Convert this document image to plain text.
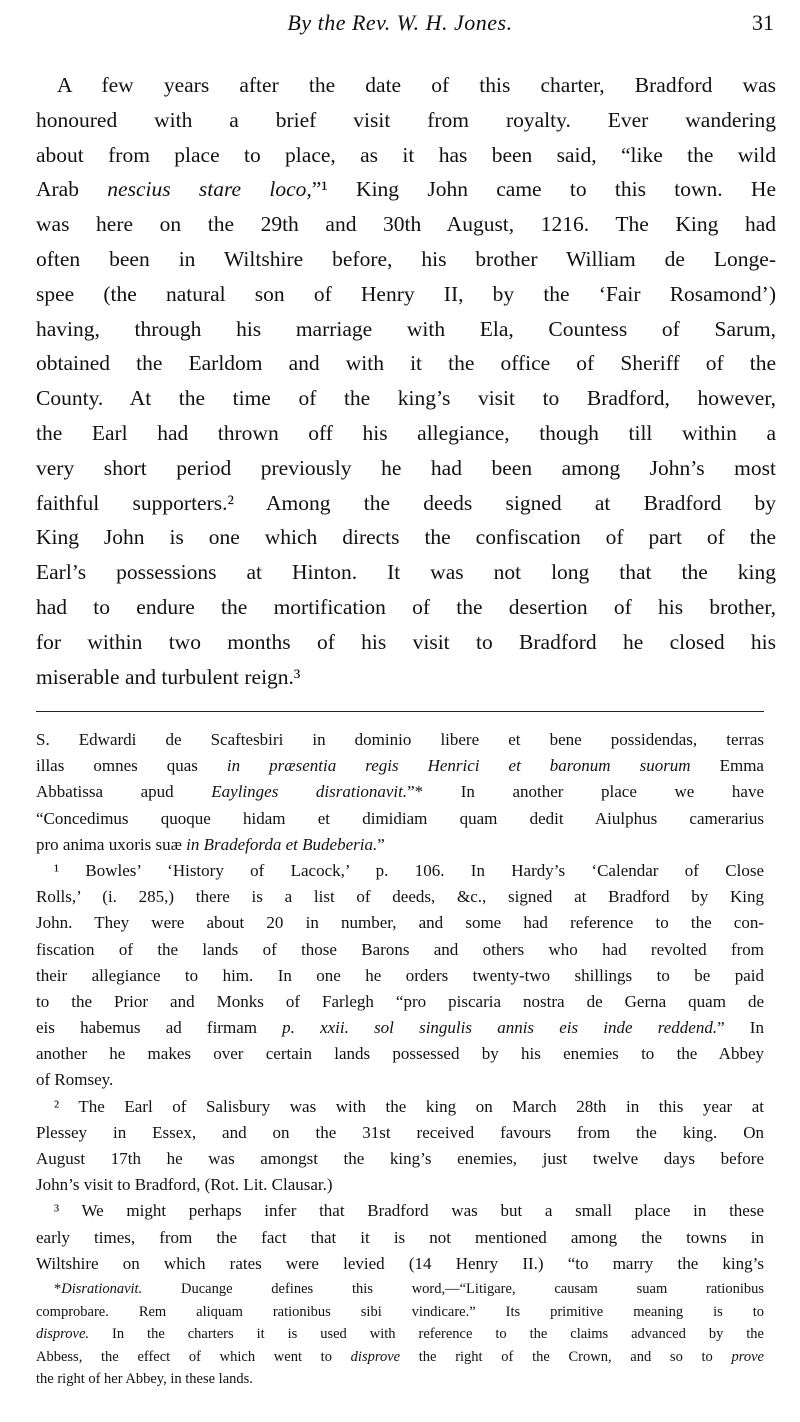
By the Rev. W. H. Jones.	31
A few years after the date of this charter, Bradford was
honoured with a brief visit from royalty. Ever wandering
about from place to place, as it has been said, “like the wild
Arab nescius stare loco,”¹ King John came to this town. He
was here on the 29th and 30th August, 1216. The King had
often been in Wiltshire before, his brother William de Longe-
spee (the natural son of Henry II, by the ‘Fair Rosamond’)
having, through his marriage with Ela, Countess of Sarum,
obtained the Earldom and with it the office of Sheriff of the
County. At the time of the king’s visit to Bradford, however,
the Earl had thrown off his allegiance, though till within a
very short period previously he had been among John’s most
faithful supporters.² Among the deeds signed at Bradford by
King John is one which directs the confiscation of part of the
Earl’s possessions at Hinton. It was not long that the king
had to endure the mortification of the desertion of his brother,
for within two months of his visit to Bradford he closed his
miserable and turbulent reign.³
S. Edwardi de Scaftesbiri in dominio libere et bene possidendas, terras
illas omnes quas in præsentia regis Henrici et baronum suorum Emma
Abbatissa apud Eaylinges disrationavit.”* In another place we have
“Concedimus quoque hidam et dimidiam quam dedit Aiulphus camerarius
pro anima uxoris suæ in Bradeforda et Budeberia.”
¹ Bowles’ ‘History of Lacock,’ p. 106. In Hardy’s ‘Calendar of Close
Rolls,’ (i. 285,) there is a list of deeds, &c., signed at Bradford by King
John. They were about 20 in number, and some had reference to the con-
fiscation of the lands of those Barons and others who had revolted from
their allegiance to him. In one he orders twenty-two shillings to be paid
to the Prior and Monks of Farlegh “pro piscaria nostra de Gerna quam de
eis habemus ad firmam p. xxii. sol singulis annis eis inde reddend.” In
another he makes over certain lands possessed by his enemies to the Abbey
of Romsey.
² The Earl of Salisbury was with the king on March 28th in this year at
Plessey in Essex, and on the 31st received favours from the king. On
August 17th he was amongst the king’s enemies, just twelve days before
John’s visit to Bradford, (Rot. Lit. Clausar.)
³ We might perhaps infer that Bradford was but a small place in these
early times, from the fact that it is not mentioned among the towns in
Wiltshire on which rates were levied (14 Henry II.) “to marry the king’s
*Disrationavit. Ducange defines this word,—“Litigare, causam suam rationibus
comprobare. Rem aliquam rationibus sibi vindicare.” Its primitive meaning is to
disprove. In the charters it is used with reference to the claims advanced by the
Abbess, the effect of which went to disprove the right of the Crown, and so to prove
the right of her Abbey, in these lands.
